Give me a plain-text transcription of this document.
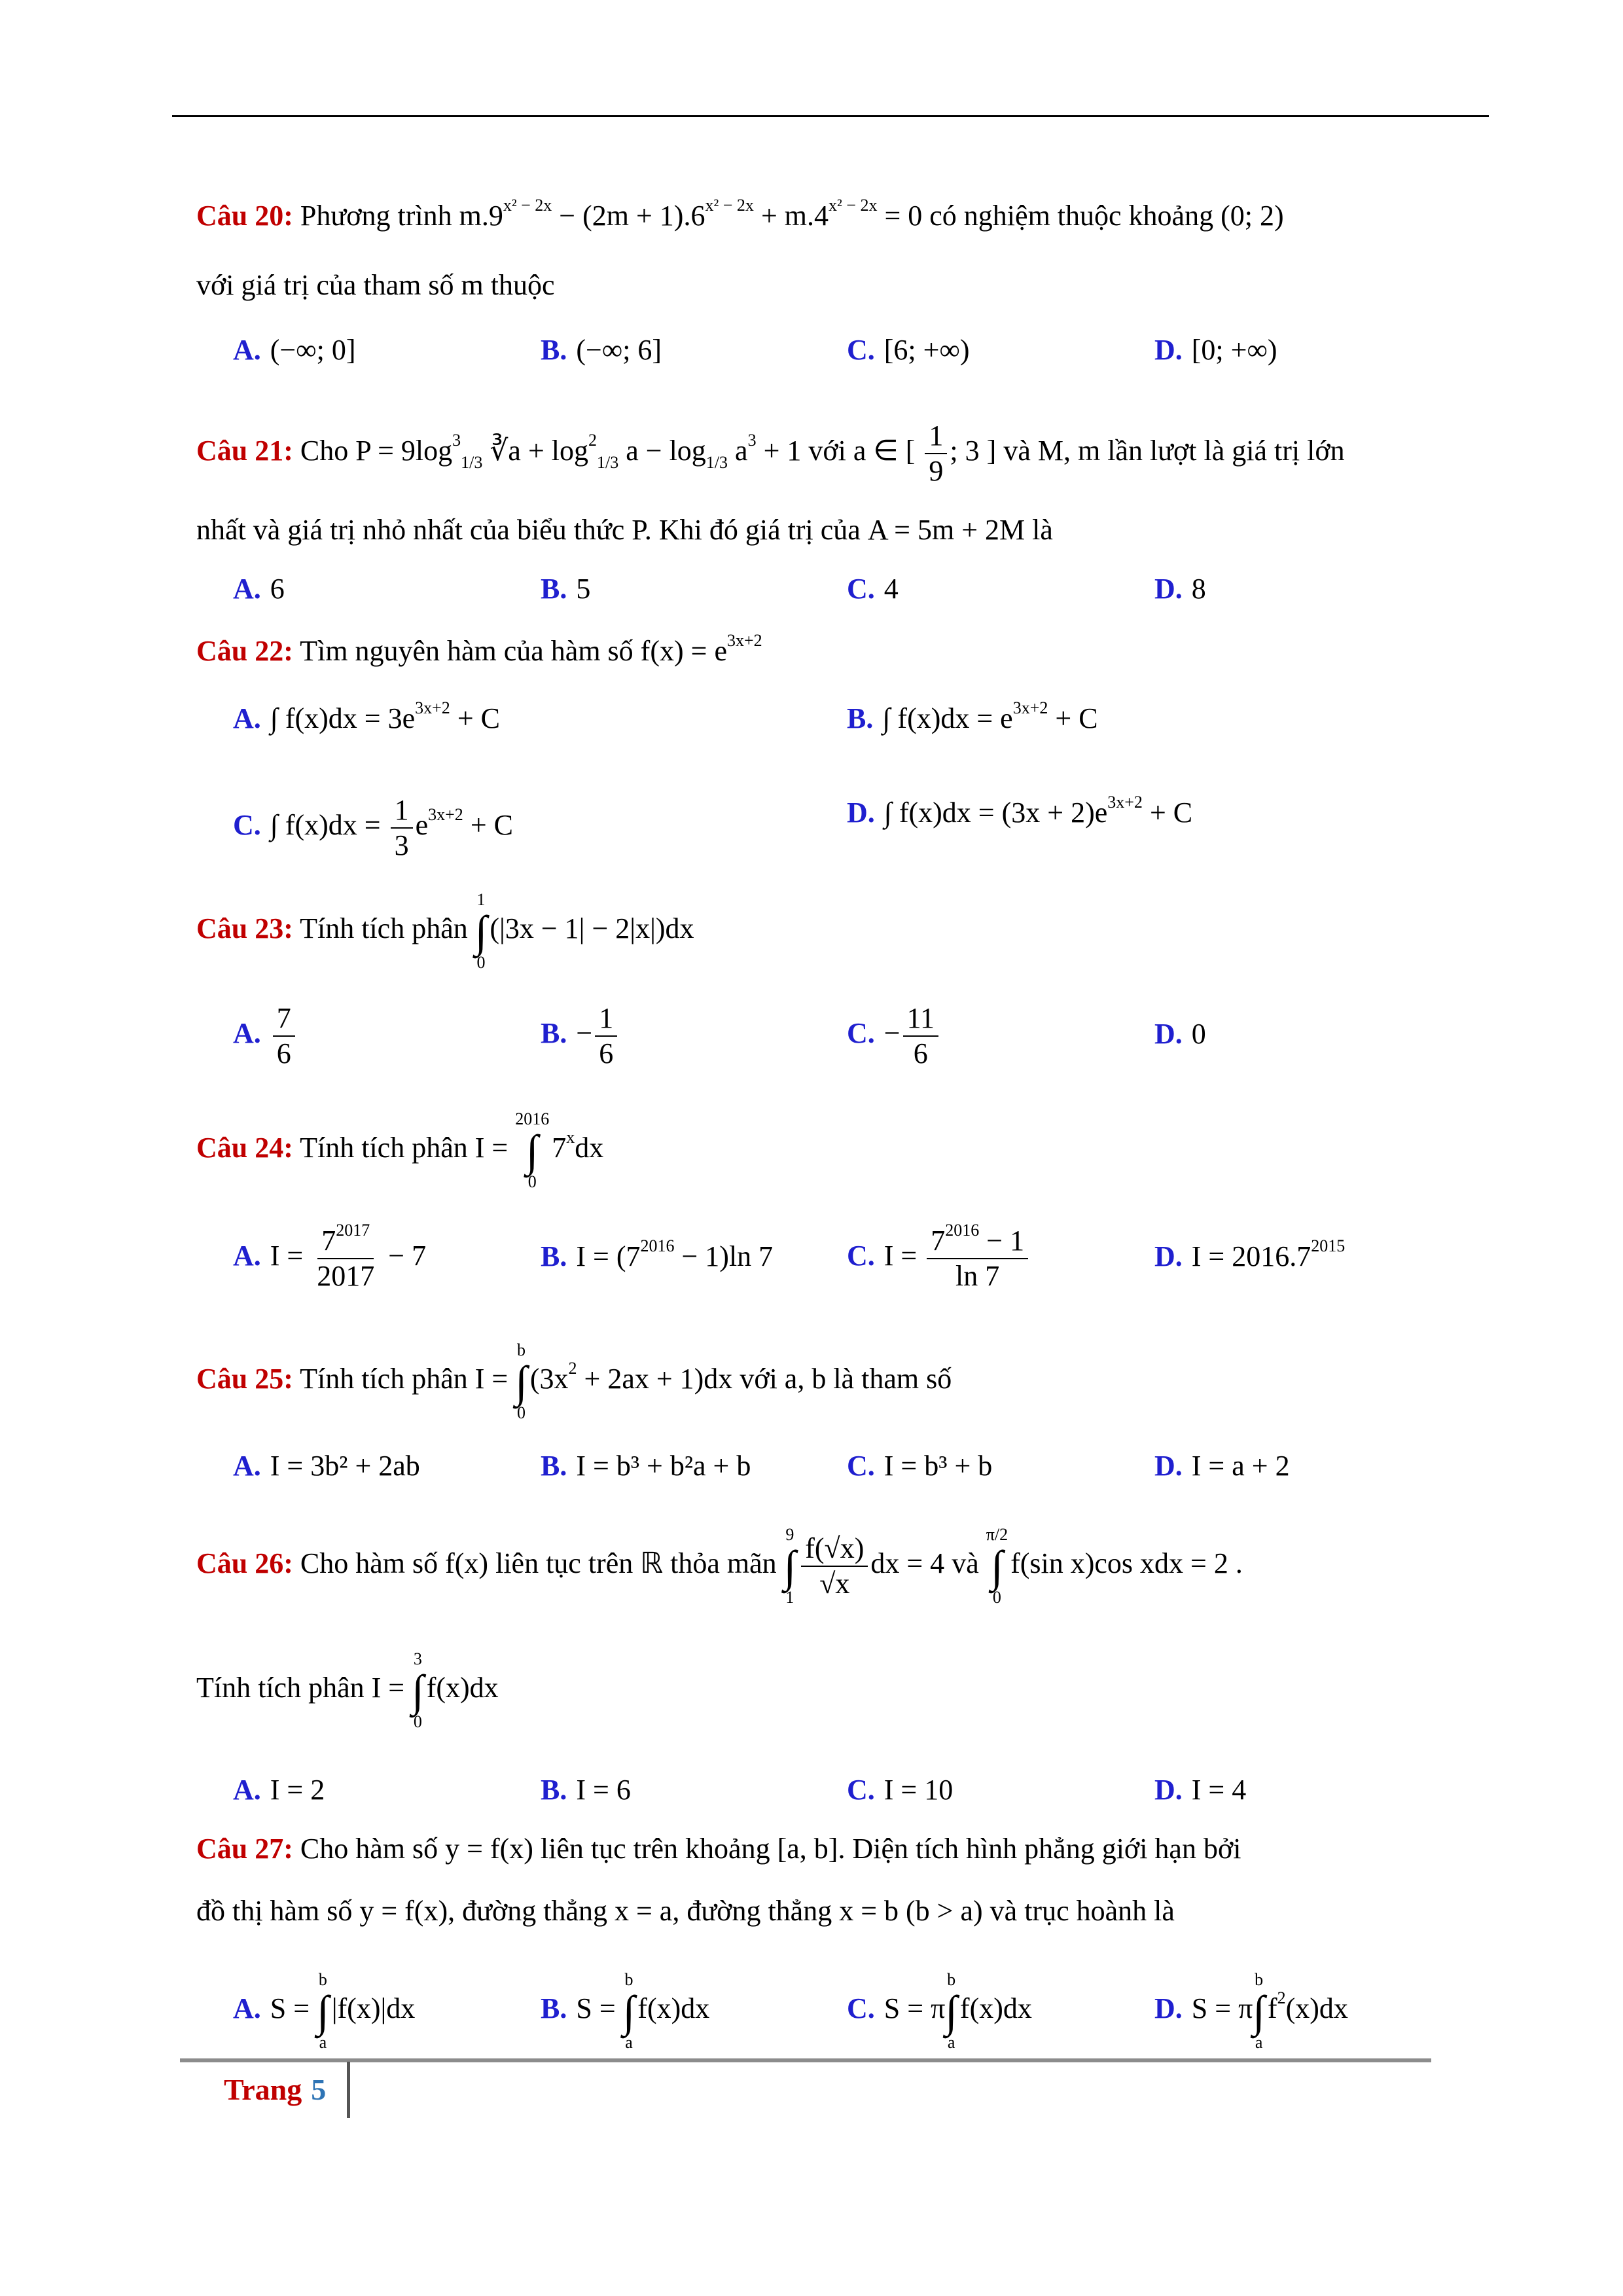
Câu 20: Phương trình $m.9^{x^2 - 2x} - (2m + 1).6^{x^2 - 2x} + m.4^{x^2 - 2x} = 0$ có nghiệm thuộc khoảng (0; 2)
với giá trị của tham số m thuộc
A. (−∞; 0]	B. (−∞; 6]	C. [6; +∞)	D. [0; +∞)
Câu 21: Cho $P = 9\log^3_{1/3}$ ∛a + $\log^2_{1/3} a - \log_{1/3} a^3 + 1$ với a ∈ [ $\frac{1}{9}$ ; 3 ] và M, m lần lượt là giá trị lớn
nhất và giá trị nhỏ nhất của biểu thức P. Khi đó giá trị của A = 5m + 2M là
A. 6	B. 5	C. 4	D. 8
Câu 22: Tìm nguyên hàm của hàm số $f(x) = e^{3x+2}$
A. ∫ $f(x)dx = 3e^{3x+2} + C$	B. ∫ $f(x)dx = e^{3x+2} + C$
C. ∫ $f(x)dx = \frac{1}{3} e^{3x+2} + C$	D. ∫ $f(x)dx = (3x + 2)e^{3x+2} + C$
Câu 23: Tính tích phân
1
∫
0
(|3x − 1| − 2|x|)dx
A. $\frac{7}{6}$	B. − $\frac{1}{6}$	C. − $\frac{11}{6}$	D. 0
Câu 24: Tính tích phân I =
2016
∫
0
7$^x$dx
A. $I = \frac{7^{2017}}{2017} - 7$	B. $I = (7^{2016} - 1)\ln$ 7	C. $I = \frac{7^{2016} - 1}{\ln 7}$	D. $I = 2016.7^{2015}$
Câu 25: Tính tích phân I =
b
∫
0
$(3x^2 + 2ax + 1)dx$ với a, b là tham số
A. I = 3b² + 2ab	B. I = b³ + b²a + b	C. I = b³ + b	D. I = a + 2
Câu 26: Cho hàm số f(x) liên tục trên ℝ thỏa mãn
9
∫
$1 \frac{f(√x)}{√x}$ dx = 4 và
π/2
∫
0
f(sin x)cos xdx = 2 .
Tính tích phân I =
3
∫
0
f(x)dx
A. I = 2	B. I = 6	C. I = 10	D. I = 4
Câu 27: Cho hàm số y = f(x) liên tục trên khoảng [a, b]. Diện tích hình phẳng giới hạn bởi
đồ thị hàm số y = f(x), đường thẳng x = a, đường thẳng x = b (b > a) và trục hoành là
A. S =
b
∫
a
|f(x)|dx	B. S =
b
∫
a
f(x)dx	C. S = π
b
∫
a
f(x)dx	D. S = π
b
∫
a
$f^2(x)dx$
Trang 5
